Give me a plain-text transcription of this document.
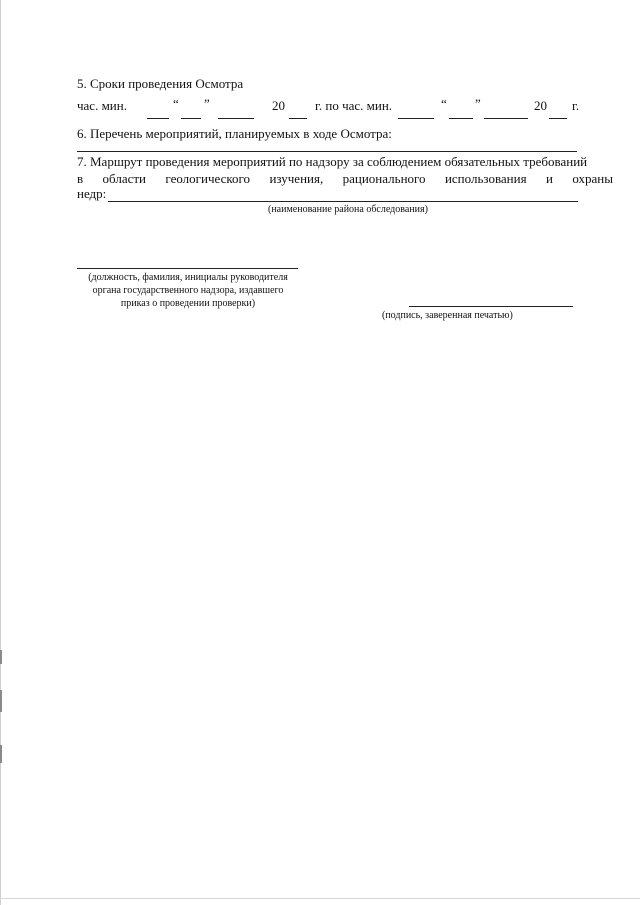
5. Сроки проведения Осмотра
час. мин.	“ ”	20 г. по час. мин.	“ ”	20 г.
6. Перечень мероприятий, планируемых в ходе Осмотра:
7. Маршрут проведения мероприятий по надзору за соблюдением обязательных требований
в области геологического изучения, рационального использования и охраны
недр:
(наименование района обследования)
(должность, фамилия, инициалы руководителя
органа государственного надзора, издавшего
приказ о проведении проверки)
(подпись, заверенная печатью)
